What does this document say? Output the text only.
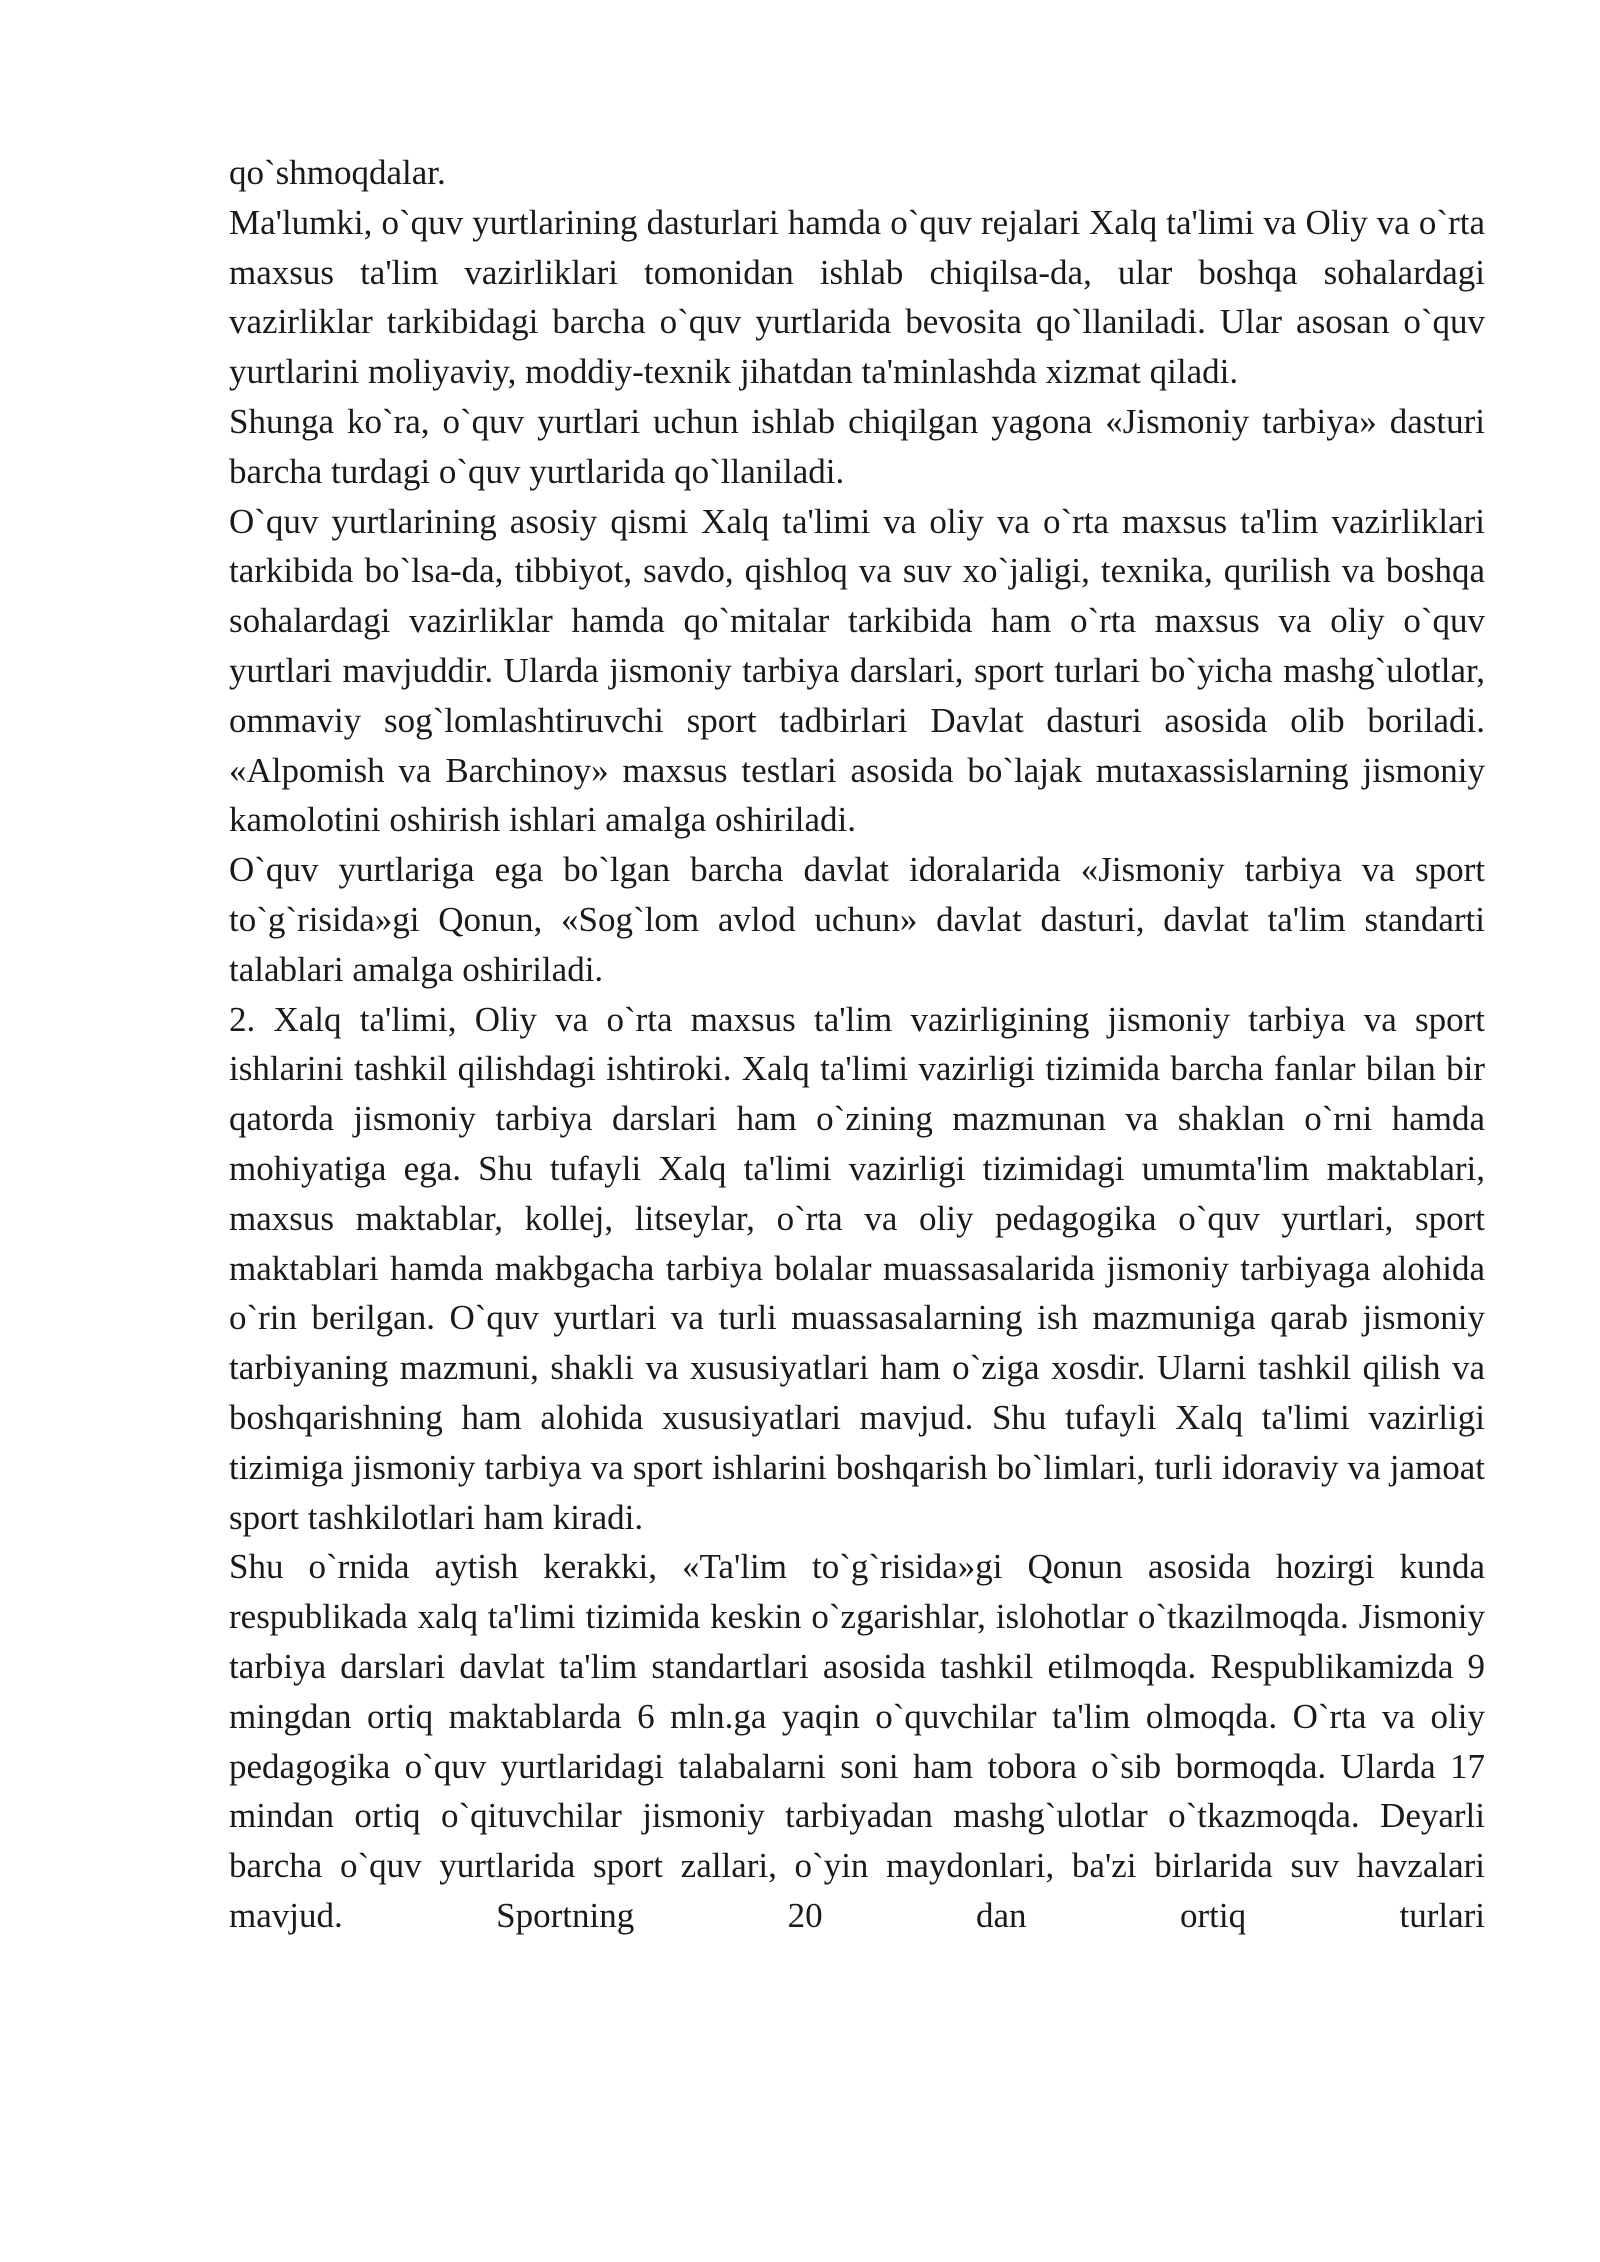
qo`shmoqdalar.

Ma'lumki, o`quv yurtlarining dasturlari hamda o`quv rejalari Xalq ta'limi va Oliy va o`rta maxsus ta'lim vazirliklari tomonidan ishlab chiqilsa-da, ular boshqa sohalardagi vazirliklar tarkibidagi barcha o`quv yurtlarida bevosita qo`llaniladi. Ular asosan o`quv yurtlarini moliyaviy, moddiy-texnik jihatdan ta'minlashda xizmat qiladi.

Shunga ko`ra, o`quv yurtlari uchun ishlab chiqilgan yagona «Jismoniy tarbiya» dasturi barcha turdagi o`quv yurtlarida qo`llaniladi.

O`quv yurtlarining asosiy qismi Xalq ta'limi va oliy va o`rta maxsus ta'lim vazirliklari tarkibida bo`lsa-da, tibbiyot, savdo, qishloq va suv xo`jaligi, texnika, qurilish va boshqa sohalardagi vazirliklar hamda qo`mitalar tarkibida ham o`rta maxsus va oliy o`quv yurtlari mavjuddir. Ularda jismoniy tarbiya darslari, sport turlari bo`yicha mashg`ulotlar, ommaviy sog`lomlashtiruvchi sport tadbirlari Davlat dasturi asosida olib boriladi. «Alpomish va Barchinoy» maxsus testlari asosida bo`lajak mutaxassislarning jismoniy kamolotini oshirish ishlari amalga oshiriladi.

O`quv yurtlariga ega bo`lgan barcha davlat idoralarida «Jismoniy tarbiya va sport to`g`risida»gi Qonun, «Sog`lom avlod uchun» davlat dasturi, davlat ta'lim standarti talablari amalga oshiriladi.

2. Xalq ta'limi, Oliy va o`rta maxsus ta'lim vazirligining jismoniy tarbiya va sport ishlarini tashkil qilishdagi ishtiroki. Xalq ta'limi vazirligi tizimida barcha fanlar bilan bir qatorda jismoniy tarbiya darslari ham o`zining mazmunan va shaklan o`rni hamda mohiyatiga ega. Shu tufayli Xalq ta'limi vazirligi tizimidagi umumta'lim maktablari, maxsus maktablar, kollej, litseylar, o`rta va oliy pedagogika o`quv yurtlari, sport maktablari hamda makbgacha tarbiya bolalar muassasalarida jismoniy tarbiyaga alohida o`rin berilgan. O`quv yurtlari va turli muassasalarning ish mazmuniga qarab jismoniy tarbiyaning mazmuni, shakli va xususiyatlari ham o`ziga xosdir. Ularni tashkil qilish va boshqarishning ham alohida xususiyatlari mavjud. Shu tufayli Xalq ta'limi vazirligi tizimiga jismoniy tarbiya va sport ishlarini boshqarish bo`limlari, turli idoraviy va jamoat sport tashkilotlari ham kiradi.

Shu o`rnida aytish kerakki, «Ta'lim to`g`risida»gi Qonun asosida hozirgi kunda respublikada xalq ta'limi tizimida keskin o`zgarishlar, islohotlar o`tkazilmoqda. Jismoniy tarbiya darslari davlat ta'lim standartlari asosida tashkil etilmoqda. Respublikamizda 9 mingdan ortiq maktablarda 6 mln.ga yaqin o`quvchilar ta'lim olmoqda. O`rta va oliy pedagogika o`quv yurtlaridagi talabalarni soni ham tobora o`sib bormoqda. Ularda 17 mindan ortiq o`qituvchilar jismoniy tarbiyadan mashg`ulotlar o`tkazmoqda. Deyarli barcha o`quv yurtlarida sport zallari, o`yin maydonlari, ba'zi birlarida suv havzalari mavjud. Sportning 20 dan ortiq turlari
